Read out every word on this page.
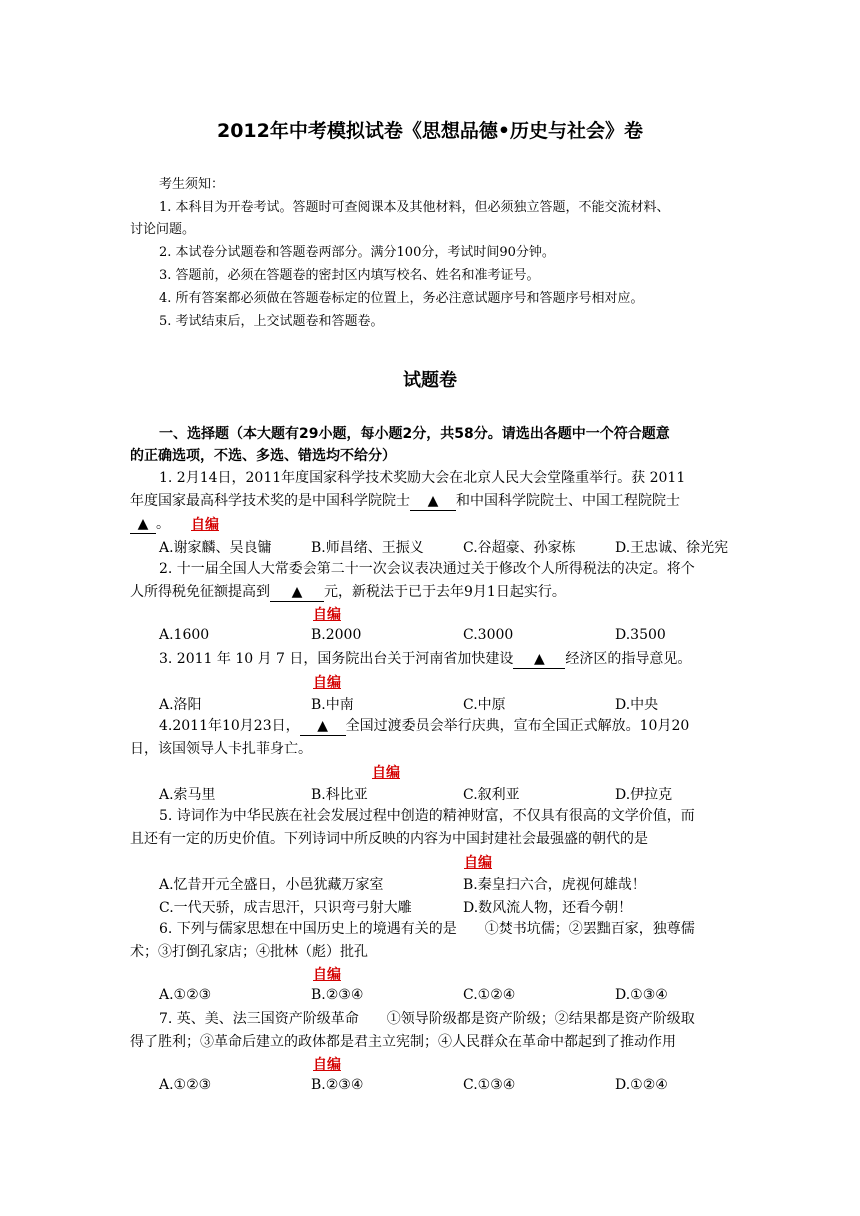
2012年中考模拟试卷《思想品德•历史与社会》卷
考生须知：
1. 本科目为开卷考试。答题时可查阅课本及其他材料，但必须独立答题，不能交流材料、
讨论问题。
2. 本试卷分试题卷和答题卷两部分。满分100分，考试时间90分钟。
3. 答题前，必须在答题卷的密封区内填写校名、姓名和准考证号。
4. 所有答案都必须做在答题卷标定的位置上，务必注意试题序号和答题序号相对应。
5. 考试结束后，上交试题卷和答题卷。
试题卷
一、选择题（本大题有29小题，每小题2分，共58分。请选出各题中一个符合题意
的正确选项，不选、多选、错选均不给分）
1. 2月14日，2011年度国家科学技术奖励大会在北京人民大会堂隆重举行。获 2011
年度国家最高科学技术奖的是中国科学院院士 ▲ 和中国科学院院士、中国工程院院士
▲ 。 自编
A.谢家麟、吴良镛	B.师昌绪、王振义	C.谷超豪、孙家栋	D.王忠诚、徐光宪
2. 十一届全国人大常委会第二十一次会议表决通过关于修改个人所得税法的决定。将个
人所得税免征额提高到 ▲ 元，新税法于已于去年9月1日起实行。
自编
A.1600	B.2000	C.3000	D.3500
3. 2011 年 10 月 7 日，国务院出台关于河南省加快建设 ▲ 经济区的指导意见。
自编
A.洛阳	B.中南	C.中原	D.中央
4.2011年10月23日， ▲ 全国过渡委员会举行庆典，宣布全国正式解放。10月20
日，该国领导人卡扎菲身亡。
自编
A.索马里	B.科比亚	C.叙利亚	D.伊拉克
5. 诗词作为中华民族在社会发展过程中创造的精神财富，不仅具有很高的文学价值，而
且还有一定的历史价值。下列诗词中所反映的内容为中国封建社会最强盛的朝代的是
自编
A.忆昔开元全盛日，小邑犹藏万家室	B.秦皇扫六合，虎视何雄哉！
C.一代天骄，成吉思汗，只识弯弓射大雕	D.数风流人物，还看今朝！
6. 下列与儒家思想在中国历史上的境遇有关的是　　①焚书坑儒；②罢黜百家，独尊儒
术；③打倒孔家店；④批林（彪）批孔
自编
A.①②③	B.②③④	C.①②④	D.①③④
7. 英、美、法三国资产阶级革命　　①领导阶级都是资产阶级；②结果都是资产阶级取
得了胜利；③革命后建立的政体都是君主立宪制；④人民群众在革命中都起到了推动作用
自编
A.①②③	B.②③④	C.①③④	D.①②④
